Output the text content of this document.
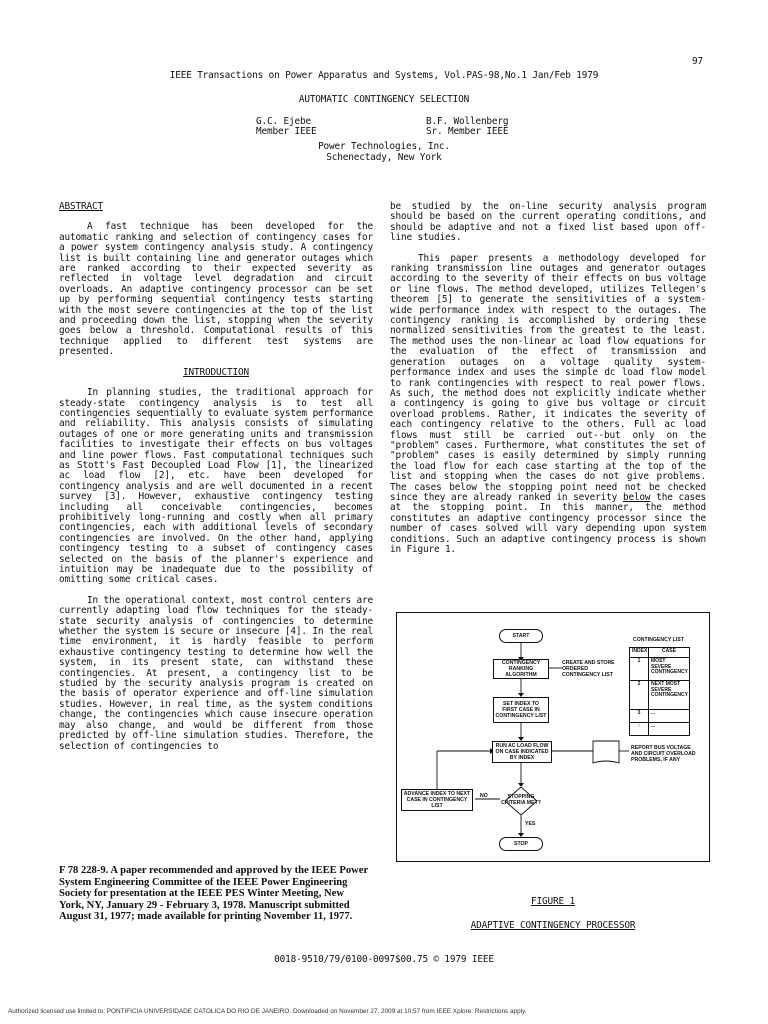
97
IEEE Transactions on Power Apparatus and Systems, Vol.PAS-98,No.1 Jan/Feb 1979
AUTOMATIC CONTINGENCY SELECTION
G.C. Ejebe
Member IEEE
B.F. Wollenberg
Sr. Member IEEE
Power Technologies, Inc.
Schenectady, New York

ABSTRACT

A fast technique has been developed for the automatic ranking and selection of contingency cases for a power system contingency analysis study. A contingency list is built containing line and generator outages which are ranked according to their expected severity as reflected in voltage level degradation and circuit overloads. An adaptive contingency processor can be set up by performing sequential contingency tests starting with the most severe contingencies at the top of the list and proceeding down the list, stopping when the severity goes below a threshold. Computational results of this technique applied to different test systems are presented.

INTRODUCTION

In planning studies, the traditional approach for steady-state contingency analysis is to test all contingencies sequentially to evaluate system performance and reliability. This analysis consists of simulating outages of one or more generating units and transmission facilities to investigate their effects on bus voltages and line power flows. Fast computational techniques such as Stott's Fast Decoupled Load Flow [1], the linearized ac load flow [2], etc. have been developed for contingency analysis and are well documented in a recent survey [3]. However, exhaustive contingency testing including all conceivable contingencies, becomes prohibitively long-running and costly when all primary contingencies, each with additional levels of secondary contingencies are involved. On the other hand, applying contingency testing to a subset of contingency cases selected on the basis of the planner's experience and intuition may be inadequate due to the possibility of omitting some critical cases.

In the operational context, most control centers are currently adapting load flow techniques for the steady-state security analysis of contingencies to determine whether the system is secure or insecure [4]. In the real time environment, it is hardly feasible to perform exhaustive contingency testing to determine how well the system, in its present state, can withstand these contingencies. At present, a contingency list to be studied by the security analysis program is created on the basis of operator experience and off-line simulation studies. However, in real time, as the system conditions change, the contingencies which cause insecure operation may also change, and would be different from those predicted by off-line simulation studies. Therefore, the selection of contingencies to

F 78 228-9. A paper recommended and approved by the IEEE Power System Engineering Committee of the IEEE Power Engineering Society for presentation at the IEEE PES Winter Meeting, New York, NY, January 29 - February 3, 1978. Manuscript submitted August 31, 1977; made available for printing November 11, 1977.

be studied by the on-line security analysis program should be based on the current operating conditions, and should be adaptive and not a fixed list based upon off-line studies.

This paper presents a methodology developed for ranking transmission line outages and generator outages according to the severity of their effects on bus voltage or line flows. The method developed, utilizes Tellegen's theorem [5] to generate the sensitivities of a system-wide performance index with respect to the outages. The contingency ranking is accomplished by ordering these normalized sensitivities from the greatest to the least. The method uses the non-linear ac load flow equations for the evaluation of the effect of transmission and generation outages on a voltage quality system-performance index and uses the simple dc load flow model to rank contingencies with respect to real power flows. As such, the method does not explicitly indicate whether a contingency is going to give bus voltage or circuit overload problems. Rather, it indicates the severity of each contingency relative to the others. Full ac load flows must still be carried out--but only on the "problem" cases. Furthermore, what constitutes the set of "problem" cases is easily determined by simply running the load flow for each case starting at the top of the list and stopping when the cases do not give problems. The cases below the stopping point need not be checked since they are already ranked in severity below the cases at the stopping point. In this manner, the method constitutes an adaptive contingency processor since the number of cases solved will vary depending upon system conditions. Such an adaptive contingency process is shown in Figure 1.

START
CONTINGENCY RANKING ALGORITHM
CREATE AND STORE ORDERED CONTINGENCY LIST
SET INDEX TO FIRST CASE IN CONTINGENCY LIST
RUN AC LOAD FLOW ON CASE INDICATED BY INDEX
REPORT BUS VOLTAGE AND CIRCUIT OVERLOAD PROBLEMS, IF ANY
ADVANCE INDEX TO NEXT CASE IN CONTINGENCY LIST
NO	STOPPING CRITERIA MET?
YES
STOP
CONTINGENCY LIST
INDEX	CASE
1	MOST SEVERE CONTINGENCY
2	NEXT MOST SEVERE CONTINGENCY
3	...
:	...
FIGURE 1
ADAPTIVE CONTINGENCY PROCESSOR
0018-9510/79/0100-0097$00.75 © 1979 IEEE
Authorized licensed use limited to: PONTIFICIA UNIVERSIDADE CATOLICA DO RIO DE JANEIRO. Downloaded on November 27, 2009 at 10:57 from IEEE Xplore. Restrictions apply.
